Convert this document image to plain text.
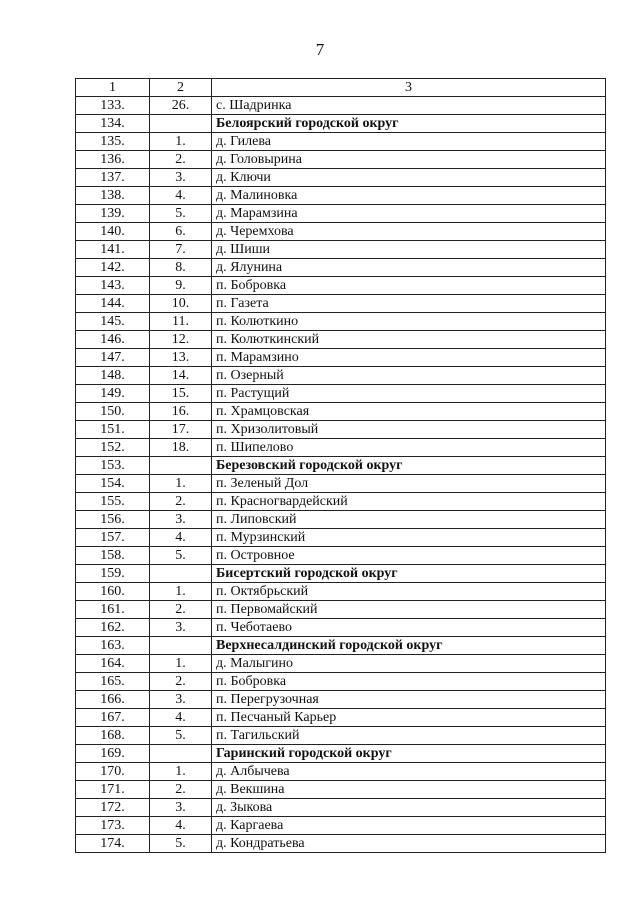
7
1	2	3
133.	26.	с. Шадринка
134.		Белоярский городской округ
135.	1.	д. Гилева
136.	2.	д. Головырина
137.	3.	д. Ключи
138.	4.	д. Малиновка
139.	5.	д. Марамзина
140.	6.	д. Черемхова
141.	7.	д. Шиши
142.	8.	д. Ялунина
143.	9.	п. Бобровка
144.	10.	п. Газета
145.	11.	п. Колюткино
146.	12.	п. Колюткинский
147.	13.	п. Марамзино
148.	14.	п. Озерный
149.	15.	п. Растущий
150.	16.	п. Храмцовская
151.	17.	п. Хризолитовый
152.	18.	п. Шипелово
153.		Березовский городской округ
154.	1.	п. Зеленый Дол
155.	2.	п. Красногвардейский
156.	3.	п. Липовский
157.	4.	п. Мурзинский
158.	5.	п. Островное
159.		Бисертский городской округ
160.	1.	п. Октябрьский
161.	2.	п. Первомайский
162.	3.	п. Чеботаево
163.		Верхнесалдинский городской округ
164.	1.	д. Малыгино
165.	2.	п. Бобровка
166.	3.	п. Перегрузочная
167.	4.	п. Песчаный Карьер
168.	5.	п. Тагильский
169.		Гаринский городской округ
170.	1.	д. Албычева
171.	2.	д. Векшина
172.	3.	д. Зыкова
173.	4.	д. Каргаева
174.	5.	д. Кондратьева
